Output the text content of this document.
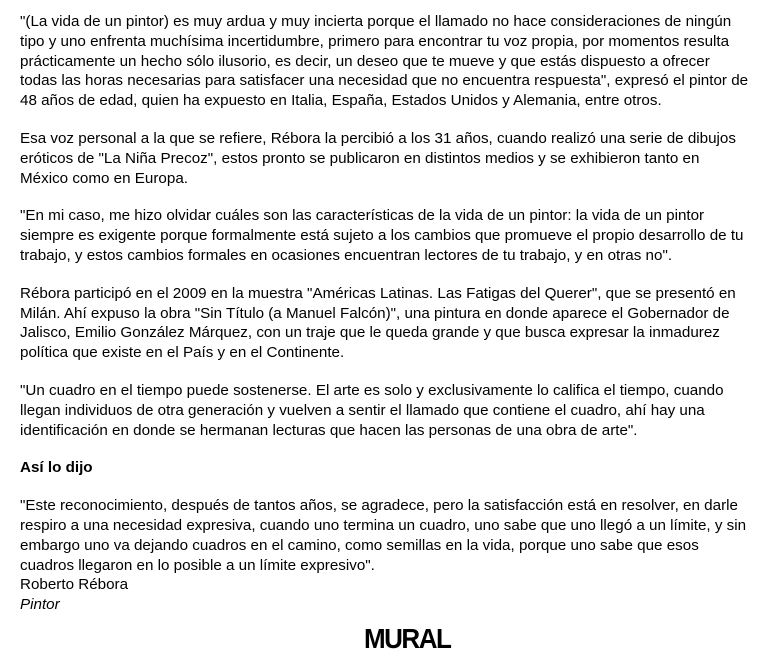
"(La vida de un pintor) es muy ardua y muy incierta porque el llamado no hace consideraciones de ningún tipo y uno enfrenta muchísima incertidumbre, primero para encontrar tu voz propia, por momentos resulta prácticamente un hecho sólo ilusorio, es decir, un deseo que te mueve y que estás dispuesto a ofrecer todas las horas necesarias para satisfacer una necesidad que no encuentra respuesta", expresó el pintor de 48 años de edad, quien ha expuesto en Italia, España, Estados Unidos y Alemania, entre otros.

Esa voz personal a la que se refiere, Rébora la percibió a los 31 años, cuando realizó una serie de dibujos eróticos de "La Niña Precoz", estos pronto se publicaron en distintos medios y se exhibieron tanto en México como en Europa.

"En mi caso, me hizo olvidar cuáles son las características de la vida de un pintor: la vida de un pintor siempre es exigente porque formalmente está sujeto a los cambios que promueve el propio desarrollo de tu trabajo, y estos cambios formales en ocasiones encuentran lectores de tu trabajo, y en otras no".

Rébora participó en el 2009 en la muestra "Américas Latinas. Las Fatigas del Querer", que se presentó en Milán. Ahí expuso la obra "Sin Título (a Manuel Falcón)", una pintura en donde aparece el Gobernador de Jalisco, Emilio González Márquez, con un traje que le queda grande y que busca expresar la inmadurez política que existe en el País y en el Continente.

"Un cuadro en el tiempo puede sostenerse. El arte es solo y exclusivamente lo califica el tiempo, cuando llegan individuos de otra generación y vuelven a sentir el llamado que contiene el cuadro, ahí hay una identificación en donde se hermanan lecturas que hacen las personas de una obra de arte".

Así lo dijo

"Este reconocimiento, después de tantos años, se agradece, pero la satisfacción está en resolver, en darle respiro a una necesidad expresiva, cuando uno termina un cuadro, uno sabe que uno llegó a un límite, y sin embargo uno va dejando cuadros en el camino, como semillas en la vida, porque uno sabe que esos cuadros llegaron en lo posible a un límite expresivo".

Roberto Rébora

Pintor

MURAL
